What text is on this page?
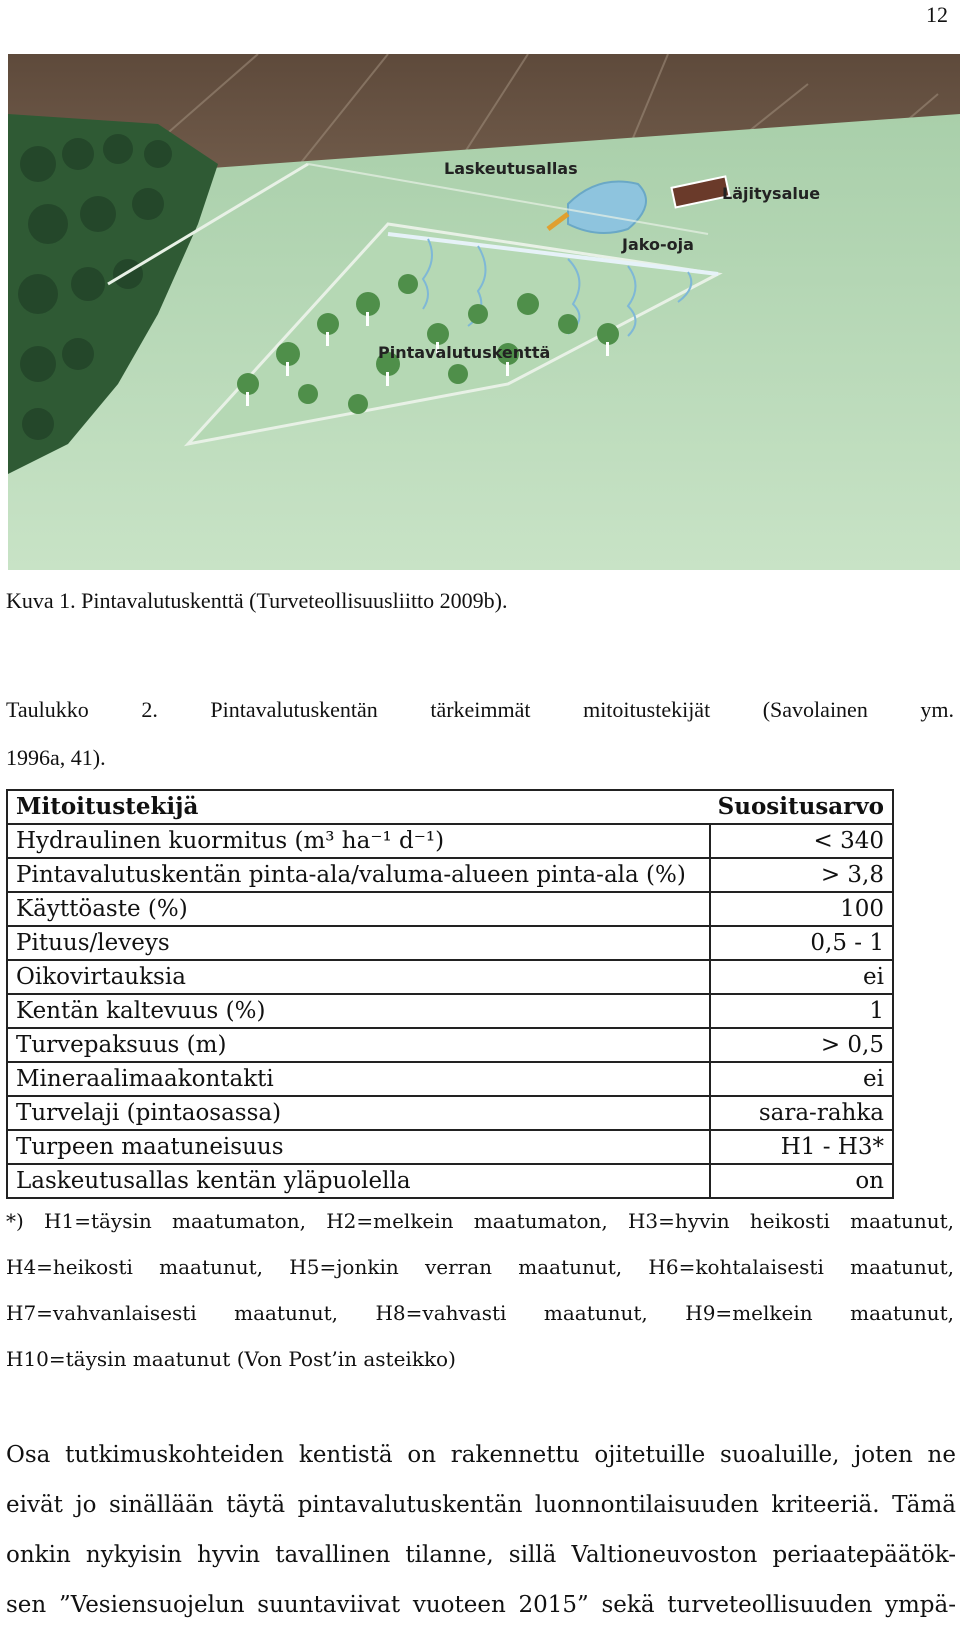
12
Laskeutusallas
Läjitysalue
Jako-oja
Pintavalutuskenttä
Kuva 1. Pintavalutuskenttä (Turveteollisuusliitto 2009b).
Taulukko 2. Pintavalutuskentän tärkeimmät mitoitustekijät (Savolainen ym.
1996a, 41).
Mitoitustekijä	Suositusarvo
Hydraulinen kuormitus (m³ ha⁻¹ d⁻¹)	< 340
Pintavalutuskentän pinta-ala/valuma-alueen pinta-ala (%)	> 3,8
Käyttöaste (%)	100
Pituus/leveys	0,5 - 1
Oikovirtauksia	ei
Kentän kaltevuus (%)	1
Turvepaksuus (m)	> 0,5
Mineraalimaakontakti	ei
Turvelaji (pintaosassa)	sara-rahka
Turpeen maatuneisuus	H1 - H3*
Laskeutusallas kentän yläpuolella	on
*) H1=täysin maatumaton, H2=melkein maatumaton, H3=hyvin heikosti maatunut,
H4=heikosti maatunut, H5=jonkin verran maatunut, H6=kohtalaisesti maatunut,
H7=vahvanlaisesti maatunut, H8=vahvasti maatunut, H9=melkein maatunut,
H10=täysin maatunut (Von Post’in asteikko)
Osa tutkimuskohteiden kentistä on rakennettu ojitetuille suoaluille, joten ne
eivät jo sinällään täytä pintavalutuskentän luonnontilaisuuden kriteeriä. Tämä
onkin nykyisin hyvin tavallinen tilanne, sillä Valtioneuvoston periaatepäätök-
sen ”Vesiensuojelun suuntaviivat vuoteen 2015” sekä turveteollisuuden ympä-
